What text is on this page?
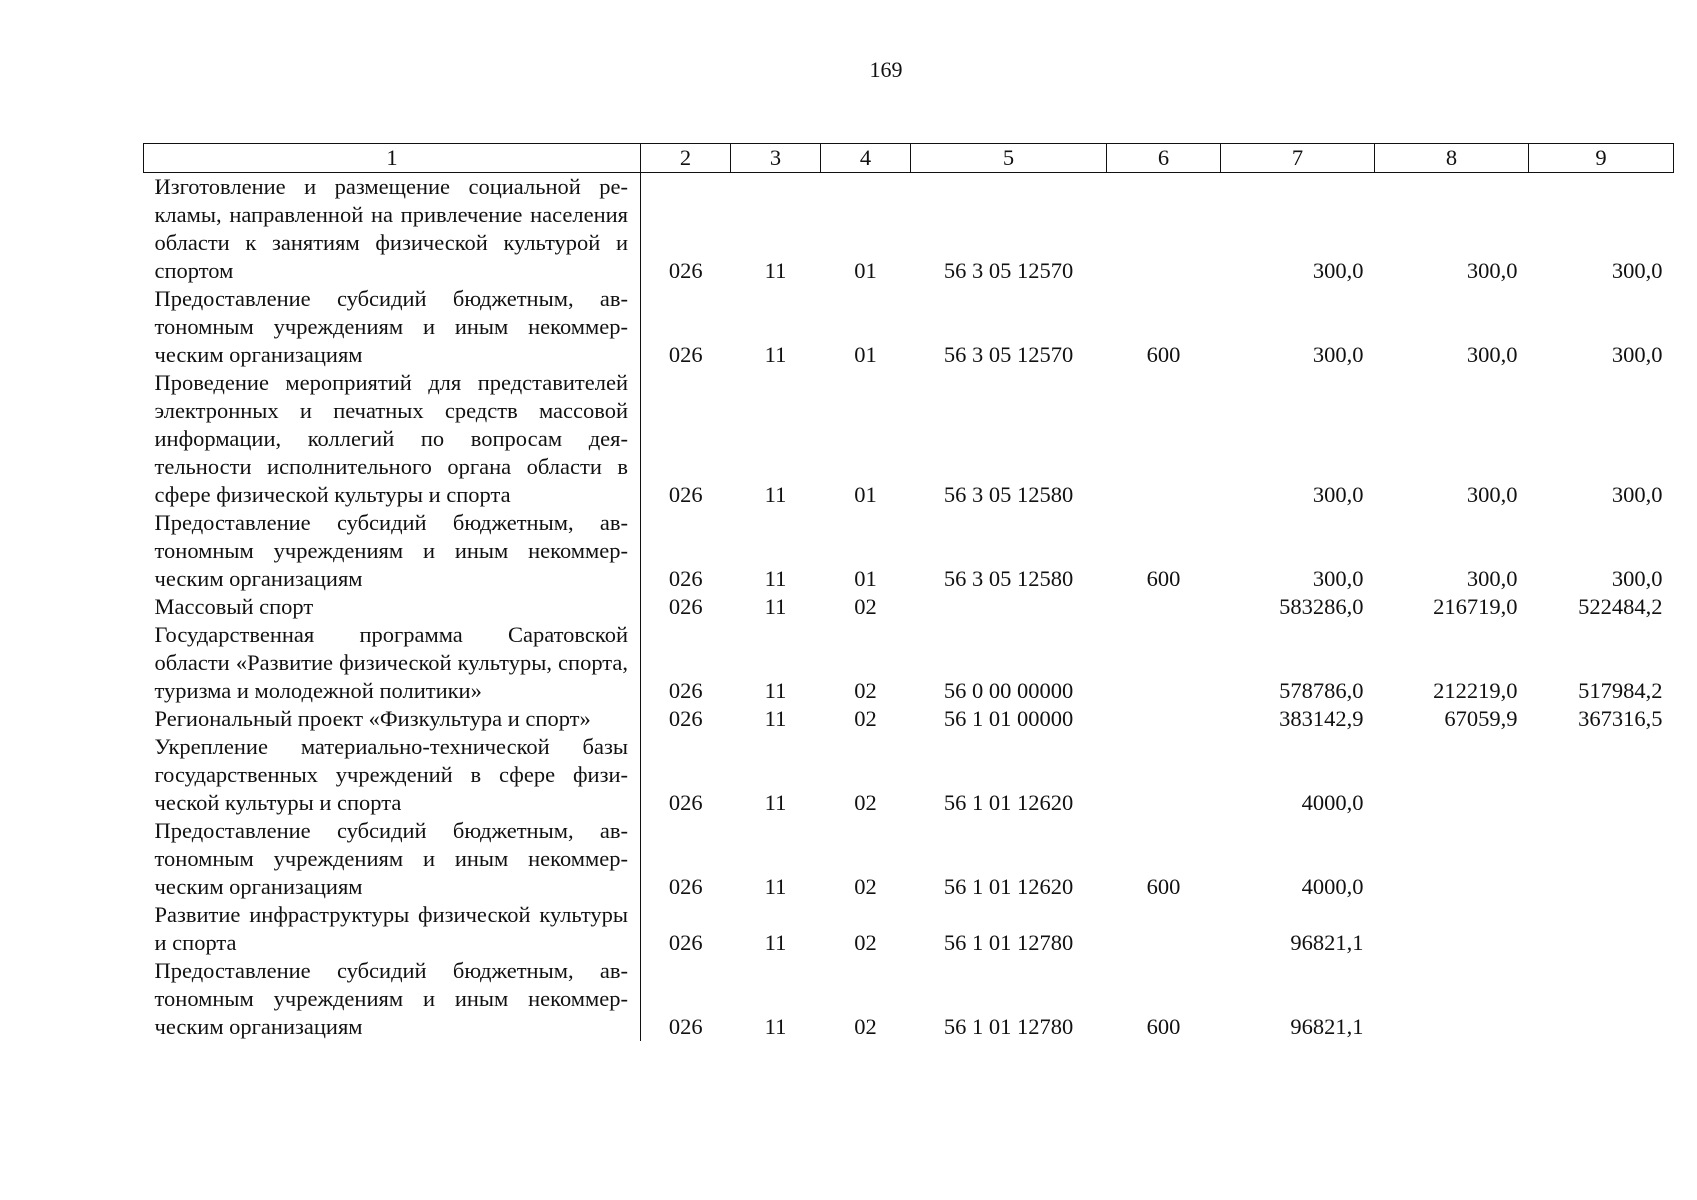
169
1	2	3	4	5	6	7	8	9
Изготовление и размещение социальной рекламы, направленной на привлечение населения области к занятиям физической культурой и спортом	026	11	01	56 3 05 12570		300,0	300,0	300,0
Предоставление субсидий бюджетным, автономным учреждениям и иным некоммерческим организациям	026	11	01	56 3 05 12570	600	300,0	300,0	300,0
Проведение мероприятий для представителей электронных и печатных средств массовой информации, коллегий по вопросам деятельности исполнительного органа области в сфере физической культуры и спорта	026	11	01	56 3 05 12580		300,0	300,0	300,0
Предоставление субсидий бюджетным, автономным учреждениям и иным некоммерческим организациям	026	11	01	56 3 05 12580	600	300,0	300,0	300,0
Массовый спорт	026	11	02			583286,0	216719,0	522484,2
Государственная программа Саратовской области «Развитие физической культуры, спорта, туризма и молодежной политики»	026	11	02	56 0 00 00000		578786,0	212219,0	517984,2
Региональный проект «Физкультура и спорт»	026	11	02	56 1 01 00000		383142,9	67059,9	367316,5
Укрепление материально-технической базы государственных учреждений в сфере физической культуры и спорта	026	11	02	56 1 01 12620		4000,0		
Предоставление субсидий бюджетным, автономным учреждениям и иным некоммерческим организациям	026	11	02	56 1 01 12620	600	4000,0		
Развитие инфраструктуры физической культуры и спорта	026	11	02	56 1 01 12780		96821,1		
Предоставление субсидий бюджетным, автономным учреждениям и иным некоммерческим организациям	026	11	02	56 1 01 12780	600	96821,1		
